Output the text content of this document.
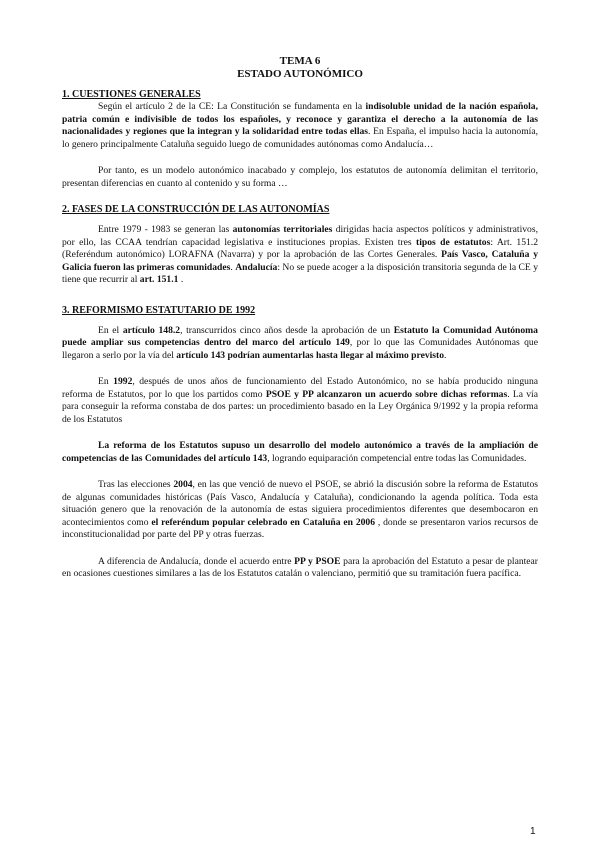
TEMA 6
ESTADO AUTONÓMICO
1. CUESTIONES GENERALES

Según el artículo 2 de la CE: La Constitución se fundamenta en la indisoluble unidad de la nación española, patria común e indivisible de todos los españoles, y reconoce y garantiza el derecho a la autonomía de las nacionalidades y regiones que la integran y la solidaridad entre todas ellas. En España, el impulso hacia la autonomía, lo genero principalmente Cataluña seguido luego de comunidades autónomas como Andalucía…

Por tanto, es un modelo autonómico inacabado y complejo, los estatutos de autonomía delimitan el territorio, presentan diferencias en cuanto al contenido y su forma …

2. FASES DE LA CONSTRUCCIÓN DE LAS AUTONOMÍAS

Entre 1979 - 1983 se generan las autonomías territoriales dirigidas hacia aspectos políticos y administrativos, por ello, las CCAA tendrían capacidad legislativa e instituciones propias. Existen tres tipos de estatutos: Art. 151.2 (Referéndum autonómico) LORAFNA (Navarra) y por la aprobación de las Cortes Generales. País Vasco, Cataluña y Galicia fueron las primeras comunidades. Andalucía: No se puede acoger a la disposición transitoria segunda de la CE y tiene que recurrir al art. 151.1 .

3. REFORMISMO ESTATUTARIO DE 1992

En el artículo 148.2, transcurridos cinco años desde la aprobación de un Estatuto la Comunidad Autónoma puede ampliar sus competencias dentro del marco del artículo 149, por lo que las Comunidades Autónomas que llegaron a serlo por la vía del artículo 143 podrían aumentarlas hasta llegar al máximo previsto.

En 1992, después de unos años de funcionamiento del Estado Autonómico, no se había producido ninguna reforma de Estatutos, por lo que los partidos como PSOE y PP alcanzaron un acuerdo sobre dichas reformas. La vía para conseguir la reforma constaba de dos partes: un procedimiento basado en la Ley Orgánica 9/1992 y la propia reforma de los Estatutos

La reforma de los Estatutos supuso un desarrollo del modelo autonómico a través de la ampliación de competencias de las Comunidades del artículo 143, logrando equiparación competencial entre todas las Comunidades.

Tras las elecciones 2004, en las que venció de nuevo el PSOE, se abrió la discusión sobre la reforma de Estatutos de algunas comunidades históricas (País Vasco, Andalucía y Cataluña), condicionando la agenda política. Toda esta situación genero que la renovación de la autonomía de estas siguiera procedimientos diferentes que desembocaron en acontecimientos como el referéndum popular celebrado en Cataluña en 2006 , donde se presentaron varios recursos de inconstitucionalidad por parte del PP y otras fuerzas.

A diferencia de Andalucía, donde el acuerdo entre PP y PSOE para la aprobación del Estatuto a pesar de plantear en ocasiones cuestiones similares a las de los Estatutos catalán o valenciano, permitió que su tramitación fuera pacífica.

1
